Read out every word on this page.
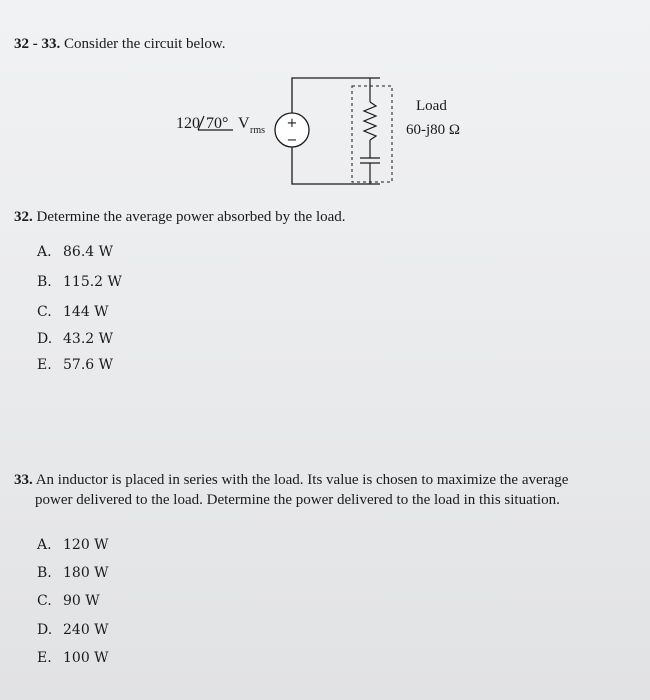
32 - 33. Consider the circuit below.
120 70° V rms +
−
Load
60-j80 Ω
32. Determine the average power absorbed by the load.
A. 86.4 W
B. 115.2 W
C. 144 W
D. 43.2 W
E. 57.6 W
33. An inductor is placed in series with the load. Its value is chosen to maximize the average
power delivered to the load. Determine the power delivered to the load in this situation.
A. 120 W
B. 180 W
C. 90 W
D. 240 W
E. 100 W
